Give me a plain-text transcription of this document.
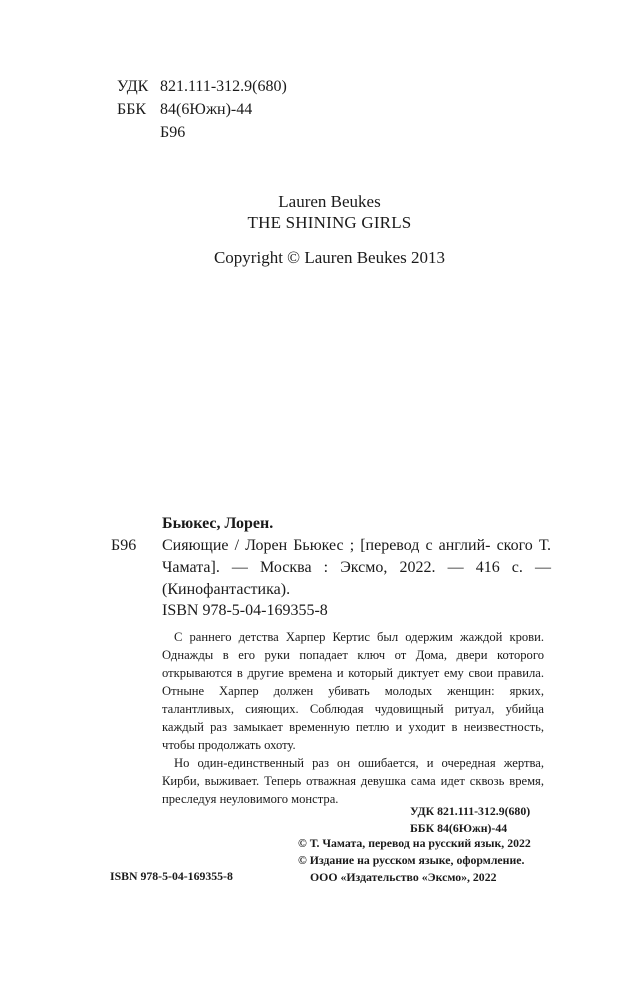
УДК 821.111-312.9(680)
ББК 84(6Южн)-44
Б96
Lauren Beukes
THE SHINING GIRLS
Copyright © Lauren Beukes 2013
Бьюкес, Лорен.
Б96	Сияющие / Лорен Бьюкес ; [перевод с англий- ского Т. Чамата]. — Москва : Эксмо, 2022. — 416 с. — (Кинофантастика).
ISBN 978-5-04-169355-8

С раннего детства Харпер Кертис был одержим жаждой крови. Однажды в его руки попадает ключ от Дома, двери которого открываются в другие времена и который диктует ему свои правила. Отныне Харпер должен убивать молодых женщин: ярких, талантливых, сияющих. Соблюдая чудовищный ритуал, убийца каждый раз замыкает временную петлю и уходит в неизвестность, чтобы продолжать охоту.

Но один-единственный раз он ошибается, и очередная жертва, Кирби, выживает. Теперь отважная девушка сама идет сквозь время, преследуя неуловимого монстра.

УДК 821.111-312.9(680)
ББК 84(6Южн)-44
© Т. Чамата, перевод на русский язык, 2022
© Издание на русском языке, оформление.
ООО «Издательство «Эксмо», 2022
ISBN 978-5-04-169355-8
